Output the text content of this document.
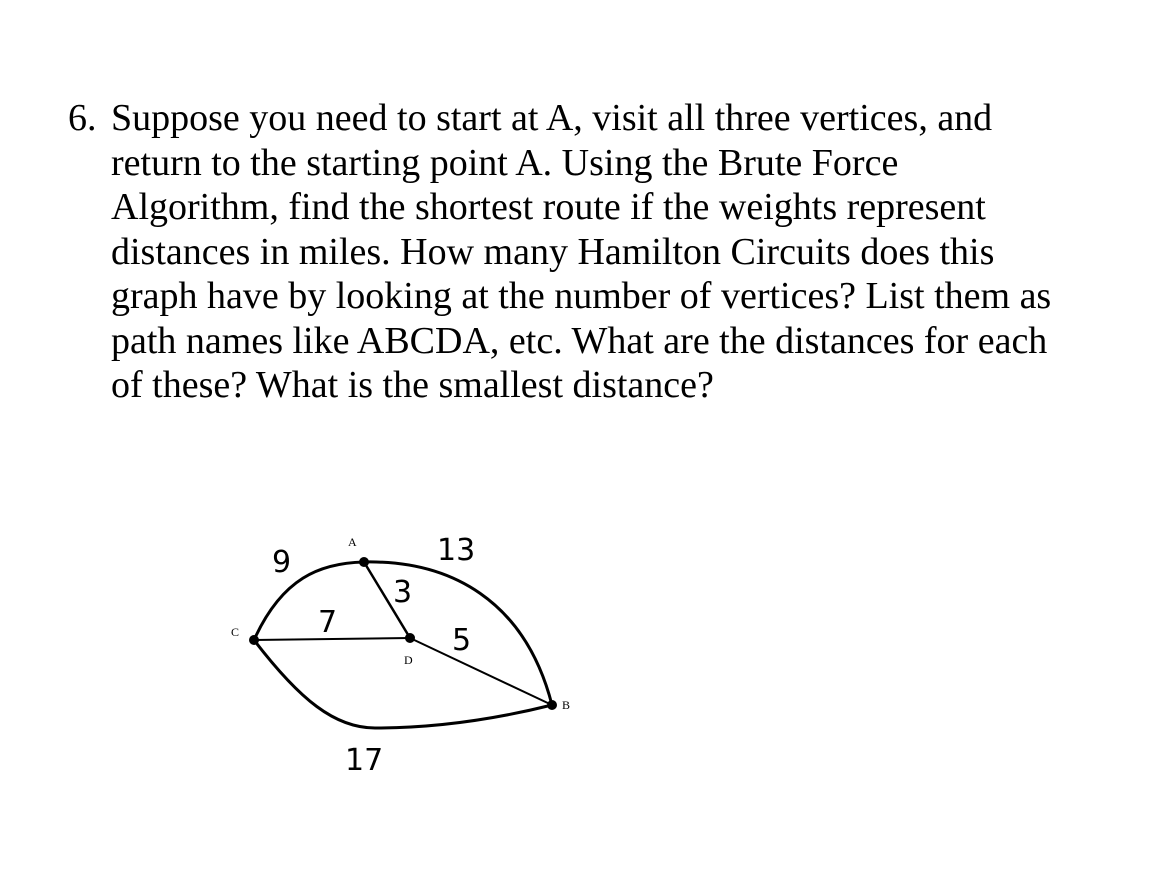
6. Suppose you need to start at A, visit all three vertices, and

return to the starting point A. Using the Brute Force

Algorithm, find the shortest route if the weights represent

distances in miles. How many Hamilton Circuits does this

graph have by looking at the number of vertices? List them as

path names like ABCDA, etc. What are the distances for each

of these? What is the smallest distance?

A
C
D
B
9	13
3
7
5
17
